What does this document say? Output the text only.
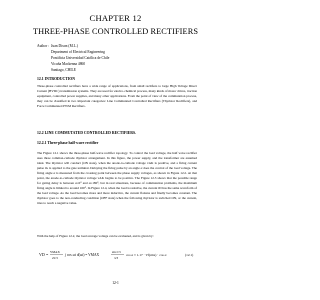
CHAPTER 12
THREE-PHASE CONTROLLED RECTIFIERS
Author : Juan Dixon (M.L.)
Department of Electrical Engineering
Pontificia Universidad Católica de Chile
Vicuña Mackenna 4860
Santiago, CHILE
12.1 INTRODUCTION
Three-phase controlled rectifiers have a wide range of applications, from small rectifiers to large High Voltage Direct Current (HVDC) transmission systems. They are used for electro-chemical process, many kinds of motor drives, traction equipment, controlled power supplies, and many other applications. From the point of view of the commutation process, they can be classified in two important categories: Line Commutated Controlled Rectifiers (Thyristor Rectifiers), and Force Commutated PWM Rectifiers.
12.2 LINE COMMUTATED CONTROLLED RECTIFIERS.
12.2.1 Three-phase half-wave rectifier
The Figure 12.1 shows the three-phase half-wave rectifier topology. To control the load voltage, the half wave rectifier uses three common-cathode thyristor arrangement. In this figure, the power supply, and the transformer are assumed ideal. The thyristor will conduct (ON state), when the anode-to-cathode voltage vAK is positive, and a firing current pulse iG is applied to the gate terminal. Delaying the firing pulse by an angle α does the control of the load voltage. The firing angle α is measured from the crossing point between the phase supply voltages, as shown in Figure 12.2. At that point, the anode-to-cathode thyristor voltage vAK begins to be positive. The Figure 12.3 shows that the possible range for gating delay is between α=0° and α=180°, but in real situations, because of commutation problems, the maximum firing angle is limited to around 160°. In Figure 12.4, when the load is resistive, the current iD has the same waveform of the load voltage. As the load becomes more and more inductive, the current flattens and finally becomes constant. The thyristor goes to the non-conducting condition (OFF state) when the following thyristor is switched ON, or the current, tries to reach a negative value.
With the help of Figure 12.2, the load average voltage can be evaluated, and is given by:
VD = VMAX
2π/3
∫ cos ωt d(ωt) = VMAX
sin π/3
π/3
cos α ≈ 1.17 · Vf(rms) · cos α	(12.1)
12-1
